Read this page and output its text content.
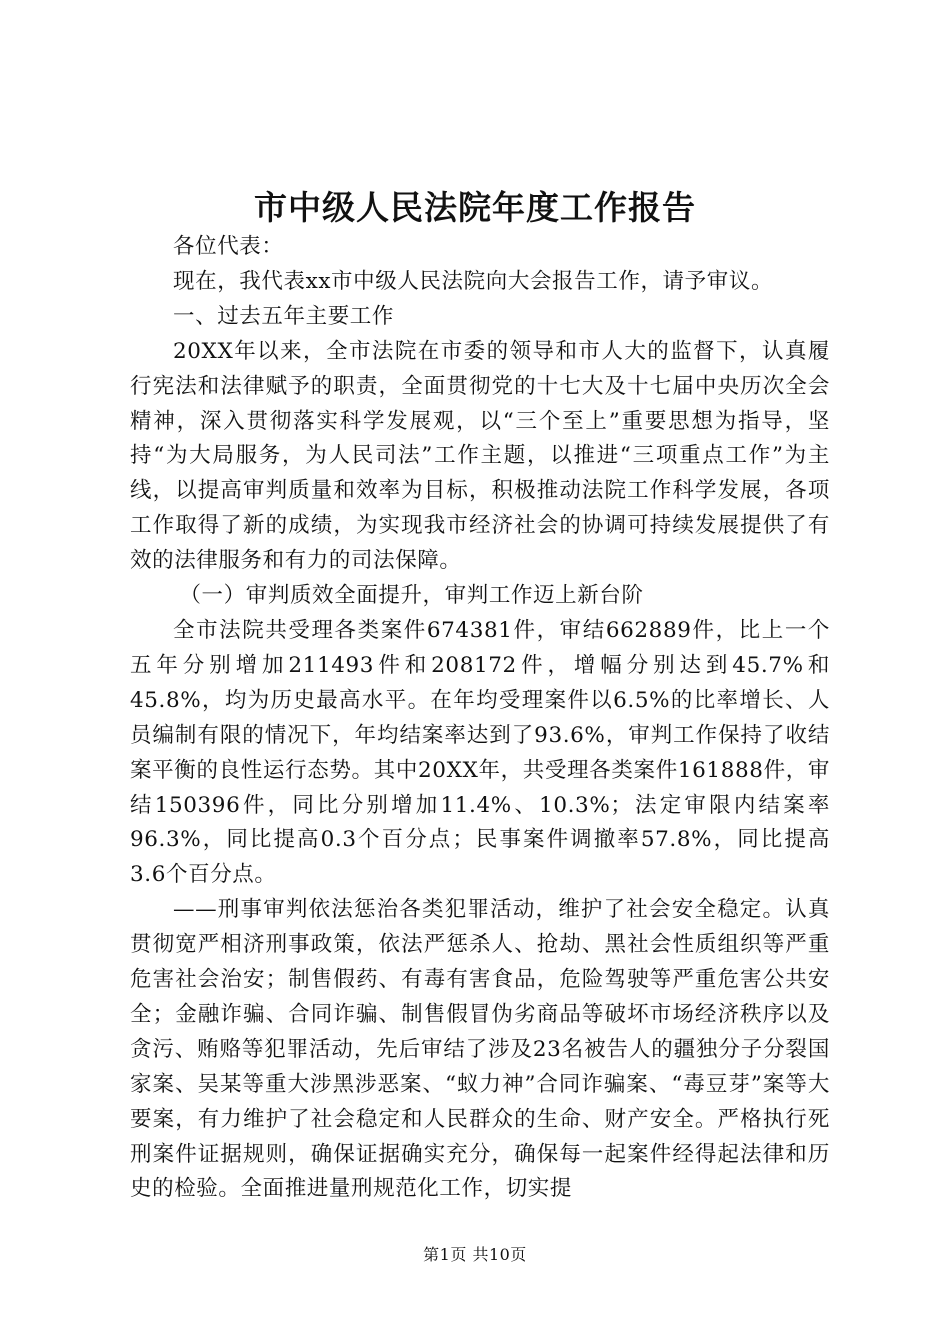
市中级人民法院年度工作报告

各位代表：

现在，我代表xx市中级人民法院向大会报告工作，请予审议。

一、过去五年主要工作

20XX年以来，全市法院在市委的领导和市人大的监督下，认真履行宪法和法律赋予的职责，全面贯彻党的十七大及十七届中央历次全会精神，深入贯彻落实科学发展观，以“三个至上”重要思想为指导，坚持“为大局服务，为人民司法”工作主题，以推进“三项重点工作”为主线，以提高审判质量和效率为目标，积极推动法院工作科学发展，各项工作取得了新的成绩，为实现我市经济社会的协调可持续发展提供了有效的法律服务和有力的司法保障。

（一）审判质效全面提升，审判工作迈上新台阶

全市法院共受理各类案件674381件，审结662889件，比上一个五年分别增加211493件和208172件，增幅分别达到45.7%和45.8%，均为历史最高水平。在年均受理案件以6.5%的比率增长、人员编制有限的情况下，年均结案率达到了93.6%，审判工作保持了收结案平衡的良性运行态势。其中20XX年，共受理各类案件161888件，审结150396件，同比分别增加11.4%、10.3%；法定审限内结案率96.3%，同比提高0.3个百分点；民事案件调撤率57.8%，同比提高3.6个百分点。

——刑事审判依法惩治各类犯罪活动，维护了社会安全稳定。认真贯彻宽严相济刑事政策，依法严惩杀人、抢劫、黑社会性质组织等严重危害社会治安；制售假药、有毒有害食品，危险驾驶等严重危害公共安全；金融诈骗、合同诈骗、制售假冒伪劣商品等破坏市场经济秩序以及贪污、贿赂等犯罪活动，先后审结了涉及23名被告人的疆独分子分裂国家案、吴某等重大涉黑涉恶案、“蚁力神”合同诈骗案、“毒豆芽”案等大要案，有力维护了社会稳定和人民群众的生命、财产安全。严格执行死刑案件证据规则，确保证据确实充分，确保每一起案件经得起法律和历史的检验。全面推进量刑规范化工作，切实提

第1页 共10页
